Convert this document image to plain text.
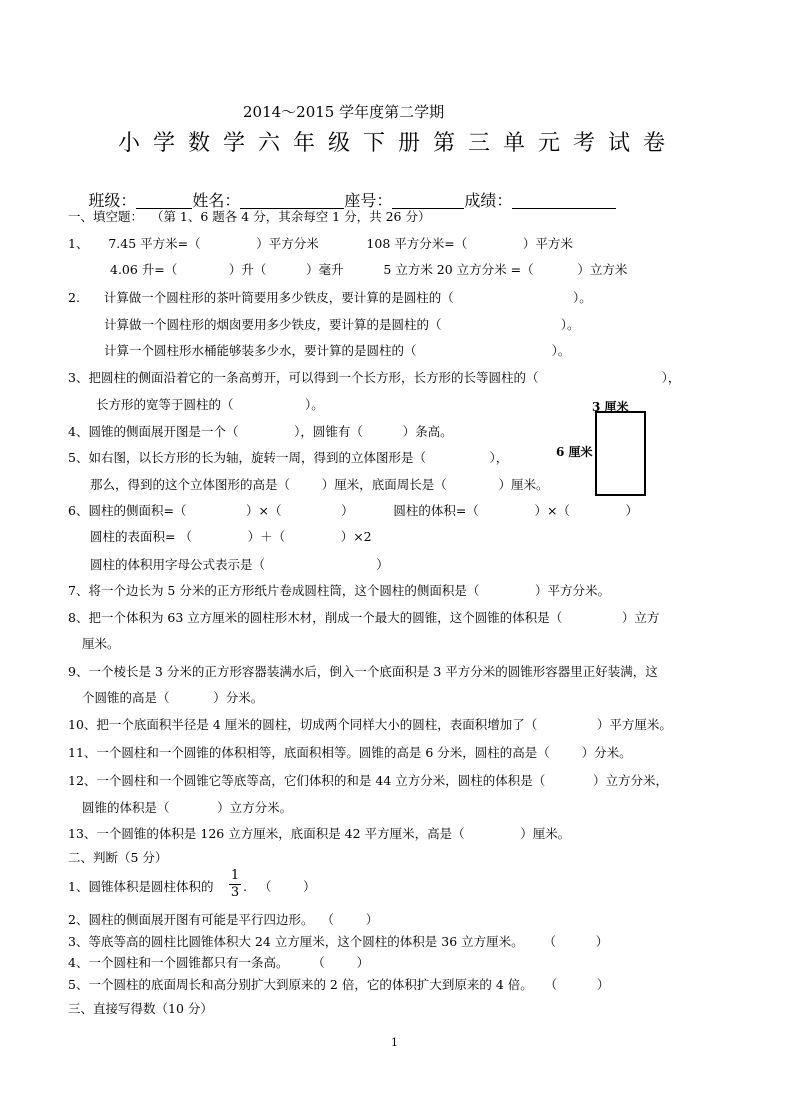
2014～2015 学年度第二学期
小学数学六年级下册第三单元考试卷

班级：	姓名：	座号：	成绩：

一、填空题：  （第 1、6 题各 4 分，其余每空 1 分，共 26 分）
1、     7.45 平方米=（              ）平方分米            108 平方分米=（              ）平方米
4.06 升=（             ）升（          ）毫升          5 立方米 20 立方分米 =（           ）立方米
2.      计算做一个圆柱形的茶叶筒要用多少铁皮，要计算的是圆柱的（                              ）。
计算做一个圆柱形的烟囱要用多少铁皮，要计算的是圆柱的（                              ）。
计算一个圆柱形水桶能够装多少水，要计算的是圆柱的（                                  ）。
3、把圆柱的侧面沿着它的一条高剪开，可以得到一个长方形，长方形的长等圆柱的（                               ），
长方形的宽等于圆柱的（                  ）。
4、圆锥的侧面展开图是一个（              ），圆锥有（          ）条高。
5、如右图，以长方形的长为轴，旋转一周，得到的立体图形是（                ），
那么，得到的这个立体图形的高是（        ）厘米，底面周长是（             ）厘米。
3 厘米
6 厘米
6、圆柱的侧面积=（               ）×（               ）          圆柱的体积=（              ）×（              ）
圆柱的表面积= （              ）＋（              ）×2
圆柱的体积用字母公式表示是（                            ）
7、将一个边长为 5 分米的正方形纸片卷成圆柱筒，这个圆柱的侧面积是（              ）平方分米。
8、把一个体积为 63 立方厘米的圆柱形木材，削成一个最大的圆锥，这个圆锥的体积是（               ）立方
厘米。
9、一个棱长是 3 分米的正方形容器装满水后，倒入一个底面积是 3 平方分米的圆锥形容器里正好装满，这
个圆锥的高是（           ）分米。
10、把一个底面积半径是 4 厘米的圆柱，切成两个同样大小的圆柱，表面积增加了（               ）平方厘米。
11、一个圆柱和一个圆锥的体积相等，底面积相等。圆锥的高是 6 分米，圆柱的高是（        ）分米。
12、一个圆柱和一个圆锥它等底等高，它们体积的和是 44 立方分米，圆柱的体积是（            ）立方分米，
圆锥的体积是（            ）立方分米。
13、一个圆锥的体积是 126 立方厘米，底面积是 42 平方厘米，高是（              ）厘米。
二、判断（5 分）
1、圆锥体积是圆柱体积的
1
3 .   （        ）
2、圆柱的侧面展开图有可能是平行四边形。  （        ）
3、等底等高的圆柱比圆锥体积大 24 立方厘米，这个圆柱的体积是 36 立方厘米。     （          ）
4、一个圆柱和一个圆锥都只有一条高。      （        ）
5、一个圆柱的底面周长和高分别扩大到原来的 2 倍，它的体积扩大到原来的 4 倍。   （          ）
三、直接写得数（10 分）
1
